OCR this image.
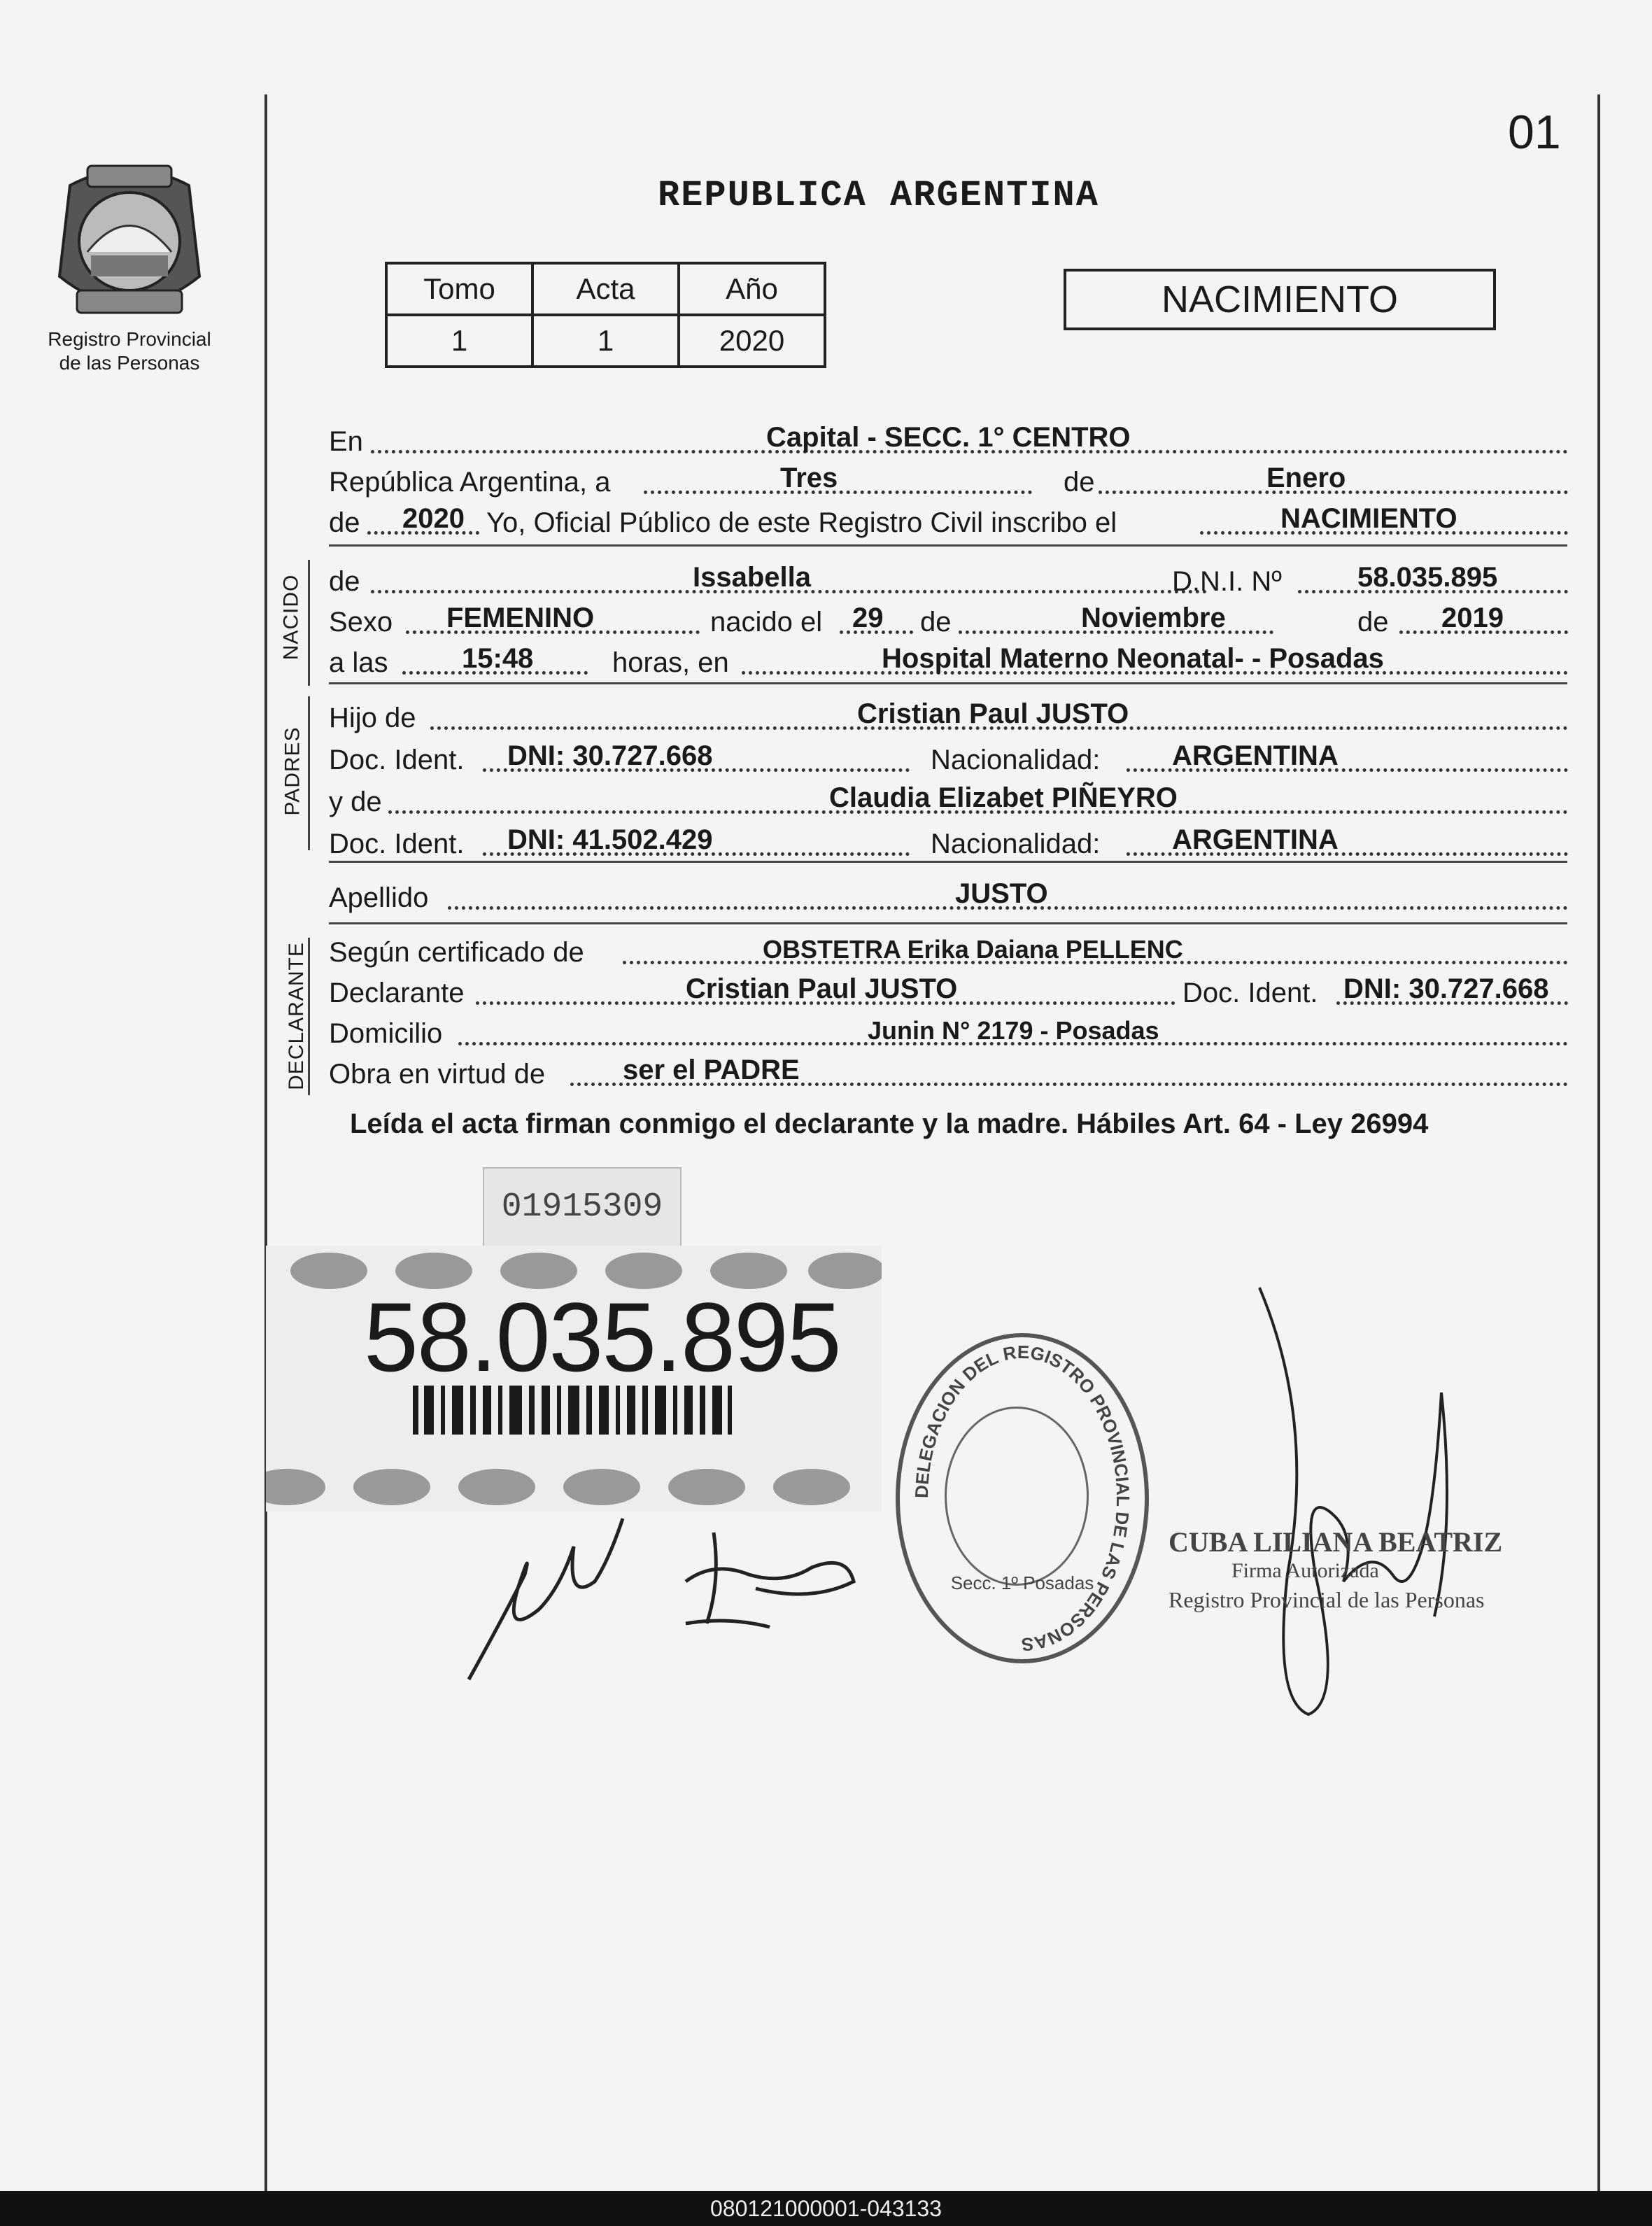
01
REPUBLICA ARGENTINA
Registro Provincial
de las Personas
Tomo	Acta	Año
1	1	2020
NACIMIENTO
En	Capital - SECC. 1° CENTRO
República Argentina, a	Tres	de	Enero
de 2020 Yo, Oficial Público de este Registro Civil inscribo el	NACIMIENTO
NACIDO de	Issabella	D.N.I. Nº	58.035.895
Sexo FEMENINO	nacido el 29 de	Noviembre	de 2019
a las	15:48	horas, en	Hospital Materno Neonatal- - Posadas
PADRES
Hijo de	Cristian Paul JUSTO
Doc. Ident. DNI: 30.727.668	Nacionalidad:	ARGENTINA
y de	Claudia Elizabet PIÑEYRO
Doc. Ident. DNI: 41.502.429	Nacionalidad:	ARGENTINA
Apellido	JUSTO
DECLARANTE Según certificado de	OBSTETRA Erika Daiana PELLENC
Declarante	Cristian Paul JUSTO	Doc. Ident. DNI: 30.727.668
Domicilio	Junin N° 2179 - Posadas
Obra en virtud de	ser el PADRE
Leída el acta firman conmigo el declarante y la madre. Hábiles Art. 64 - Ley 26994
01915309
58.035.895
DELEGACION DEL REGISTRO PROVINCIAL DE LAS PERSONAS
Secc. 1º Posadas
CUBA LILIANA BEATRIZ
Firma Autorizada
Registro Provincial de las Personas
080121000001-043133
